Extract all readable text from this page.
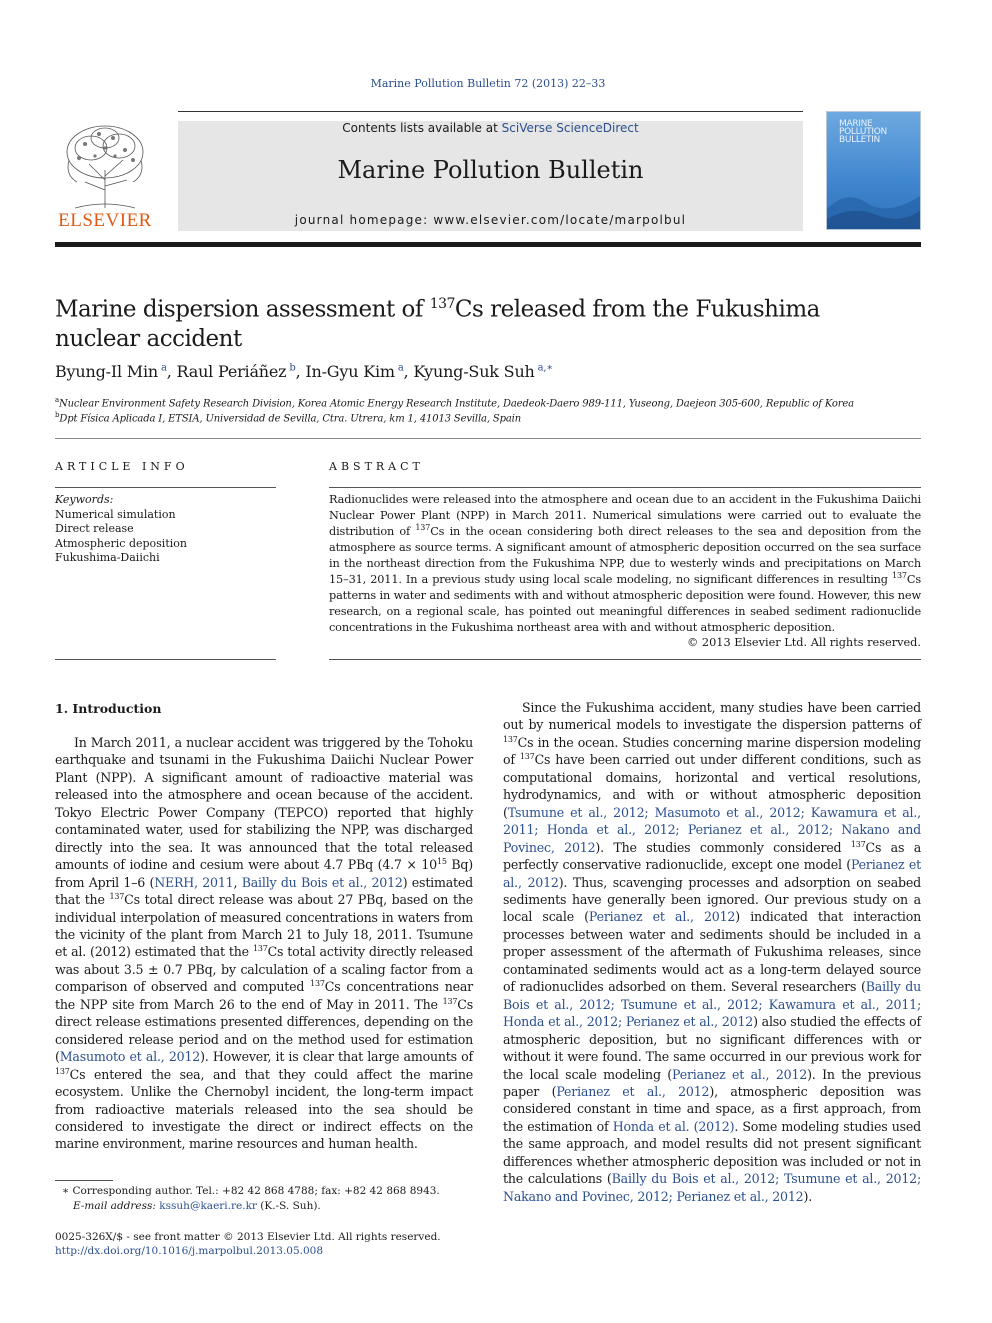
Marine Pollution Bulletin 72 (2013) 22–33
ELSEVIER
Contents lists available at SciVerse ScienceDirect
Marine Pollution Bulletin
journal homepage: www.elsevier.com/locate/marpolbul
MARINE POLLUTION BULLETIN
Marine dispersion assessment of $^{137}$Cs released from the Fukushima nuclear accident
Byung-Il Min $^a$, Raul Periáñez $^b$, In-Gyu Kim $^a$, Kyung-Suk Suh $^{a,∗}$
$^a$Nuclear Environment Safety Research Division, Korea Atomic Energy Research Institute, Daedeok-Daero 989-111, Yuseong, Daejeon 305-600, Republic of Korea
$^b$Dpt Física Aplicada I, ETSIA, Universidad de Sevilla, Ctra. Utrera, km 1, 41013 Sevilla, Spain
ARTICLE INFO
Keywords:
Numerical simulation
Direct release
Atmospheric deposition
Fukushima-Daiichi
ABSTRACT

Radionuclides were released into the atmosphere and ocean due to an accident in the Fukushima Daiichi Nuclear Power Plant (NPP) in March 2011. Numerical simulations were carried out to evaluate the distribution of $^{137}$Cs in the ocean considering both direct releases to the sea and deposition from the atmosphere as source terms. A significant amount of atmospheric deposition occurred on the sea surface in the northeast direction from the Fukushima NPP, due to westerly winds and precipitations on March 15–31, 2011. In a previous study using local scale modeling, no significant differences in resulting $^{137}$Cs patterns in water and sediments with and without atmospheric deposition were found. However, this new research, on a regional scale, has pointed out meaningful differences in seabed sediment radionuclide concentrations in the Fukushima northeast area with and without atmospheric deposition.

© 2013 Elsevier Ltd. All rights reserved.
1. Introduction

In March 2011, a nuclear accident was triggered by the Tohoku earthquake and tsunami in the Fukushima Daiichi Nuclear Power Plant (NPP). A significant amount of radioactive material was released into the atmosphere and ocean because of the accident. Tokyo Electric Power Company (TEPCO) reported that highly contaminated water, used for stabilizing the NPP, was discharged directly into the sea. It was announced that the total released amounts of iodine and cesium were about 4.7 PBq ($4.7 \times 10^{15}$ Bq) from April 1–6 (NERH, 2011, Bailly du Bois et al., 2012) estimated that the $^{137}$Cs total direct release was about 27 PBq, based on the individual interpolation of measured concentrations in waters from the vicinity of the plant from March 21 to July 18, 2011. Tsumune et al. (2012) estimated that the $^{137}$Cs total activity directly released was about 3.5 ± 0.7 PBq, by calculation of a scaling factor from a comparison of observed and computed $^{137}$Cs concentrations near the NPP site from March 26 to the end of May in 2011. The $^{137}$Cs direct release estimations presented differences, depending on the considered release period and on the method used for estimation (Masumoto et al., 2012). However, it is clear that large amounts of $^{137}$Cs entered the sea, and that they could affect the marine ecosystem. Unlike the Chernobyl incident, the long-term impact from radioactive materials released into the sea should be considered to investigate the direct or indirect effects on the marine environment, marine resources and human health.

Since the Fukushima accident, many studies have been carried out by numerical models to investigate the dispersion patterns of $^{137}$Cs in the ocean. Studies concerning marine dispersion modeling of $^{137}$Cs have been carried out under different conditions, such as computational domains, horizontal and vertical resolutions, hydrodynamics, and with or without atmospheric deposition (Tsumune et al., 2012; Masumoto et al., 2012; Kawamura et al., 2011; Honda et al., 2012; Perianez et al., 2012; Nakano and Povinec, 2012). The studies commonly considered $^{137}$Cs as a perfectly conservative radionuclide, except one model (Perianez et al., 2012). Thus, scavenging processes and adsorption on seabed sediments have generally been ignored. Our previous study on a local scale (Perianez et al., 2012) indicated that interaction processes between water and sediments should be included in a proper assessment of the aftermath of Fukushima releases, since contaminated sediments would act as a long-term delayed source of radionuclides adsorbed on them. Several researchers (Bailly du Bois et al., 2012; Tsumune et al., 2012; Kawamura et al., 2011; Honda et al., 2012; Perianez et al., 2012) also studied the effects of atmospheric deposition, but no significant differences with or without it were found. The same occurred in our previous work for the local scale modeling (Perianez et al., 2012). In the previous paper (Perianez et al., 2012), atmospheric deposition was considered constant in time and space, as a first approach, from the estimation of Honda et al. (2012). Some modeling studies used the same approach, and model results did not present significant differences whether atmospheric deposition was included or not in the calculations (Bailly du Bois et al., 2012; Tsumune et al., 2012; Nakano and Povinec, 2012; Perianez et al., 2012).

∗ Corresponding author. Tel.: +82 42 868 4788; fax: +82 42 868 8943.
E-mail address: kssuh@kaeri.re.kr (K.-S. Suh).
0025-326X/$ - see front matter © 2013 Elsevier Ltd. All rights reserved.
http://dx.doi.org/10.1016/j.marpolbul.2013.05.008
